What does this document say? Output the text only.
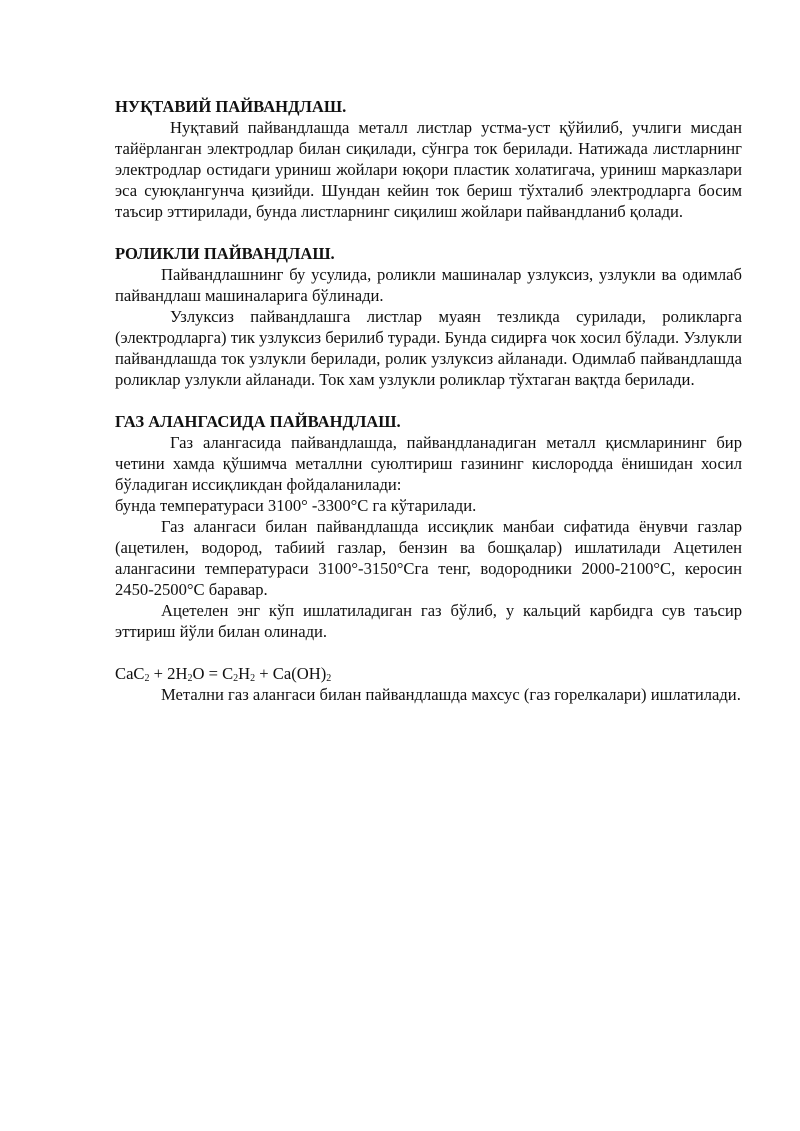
НУҚТАВИЙ ПАЙВАНДЛАШ.

Нуқтавий пайвандлашда металл листлар устма-уст қўйилиб, учлиги мисдан тайёрланган электродлар билан сиқилади, сўнгра ток берилади. Натижада листларнинг электродлар остидаги уриниш жойлари юқори пластик холатигача, уриниш марказлари эса суюқлангунча қизийди. Шундан кейин ток бериш тўхталиб электродларга босим таъсир эттирилади, бунда листларнинг сиқилиш жойлари пайвандланиб қолади.

РОЛИКЛИ ПАЙВАНДЛАШ.

Пайвандлашнинг бу усулида, роликли машиналар узлуксиз, узлукли ва одимлаб пайвандлаш машиналарига бўлинади.

Узлуксиз пайвандлашга листлар муаян тезликда сурилади, роликларга (электродларга) тик узлуксиз берилиб туради. Бунда сидирға чок хосил бўлади. Узлукли пайвандлашда ток узлукли берилади, ролик узлуксиз айланади. Одимлаб пайвандлашда роликлар узлукли айланади. Ток хам узлукли роликлар тўхтаган вақтда берилади.

ГАЗ АЛАНГАСИДА ПАЙВАНДЛАШ.

Газ алангасида пайвандлашда, пайвандланадиган металл қисмларининг бир четини хамда қўшимча металлни суюлтириш газининг кислородда ёнишидан хосил бўладиган иссиқликдан фойдаланилади:

бунда температураси 3100° -3300°С га кўтарилади.

Газ алангаси билан пайвандлашда иссиқлик манбаи сифатида ёнувчи газлар (ацетилен, водород, табиий газлар, бензин ва бошқалар) ишлатилади Ацетилен алангасини температураси 3100°-3150°Сга тенг, водородники 2000-2100°С, керосин 2450-2500°С баравар.

Ацетелен энг кўп ишлатиладиган газ бўлиб, у кальций карбидга сув таъсир эттириш йўли билан олинади.

$CaC_2 + 2H_2O = C_2H_2 + Ca(OH)_2$

Метални газ алангаси билан пайвандлашда махсус (газ горелкалари) ишлатилади.
